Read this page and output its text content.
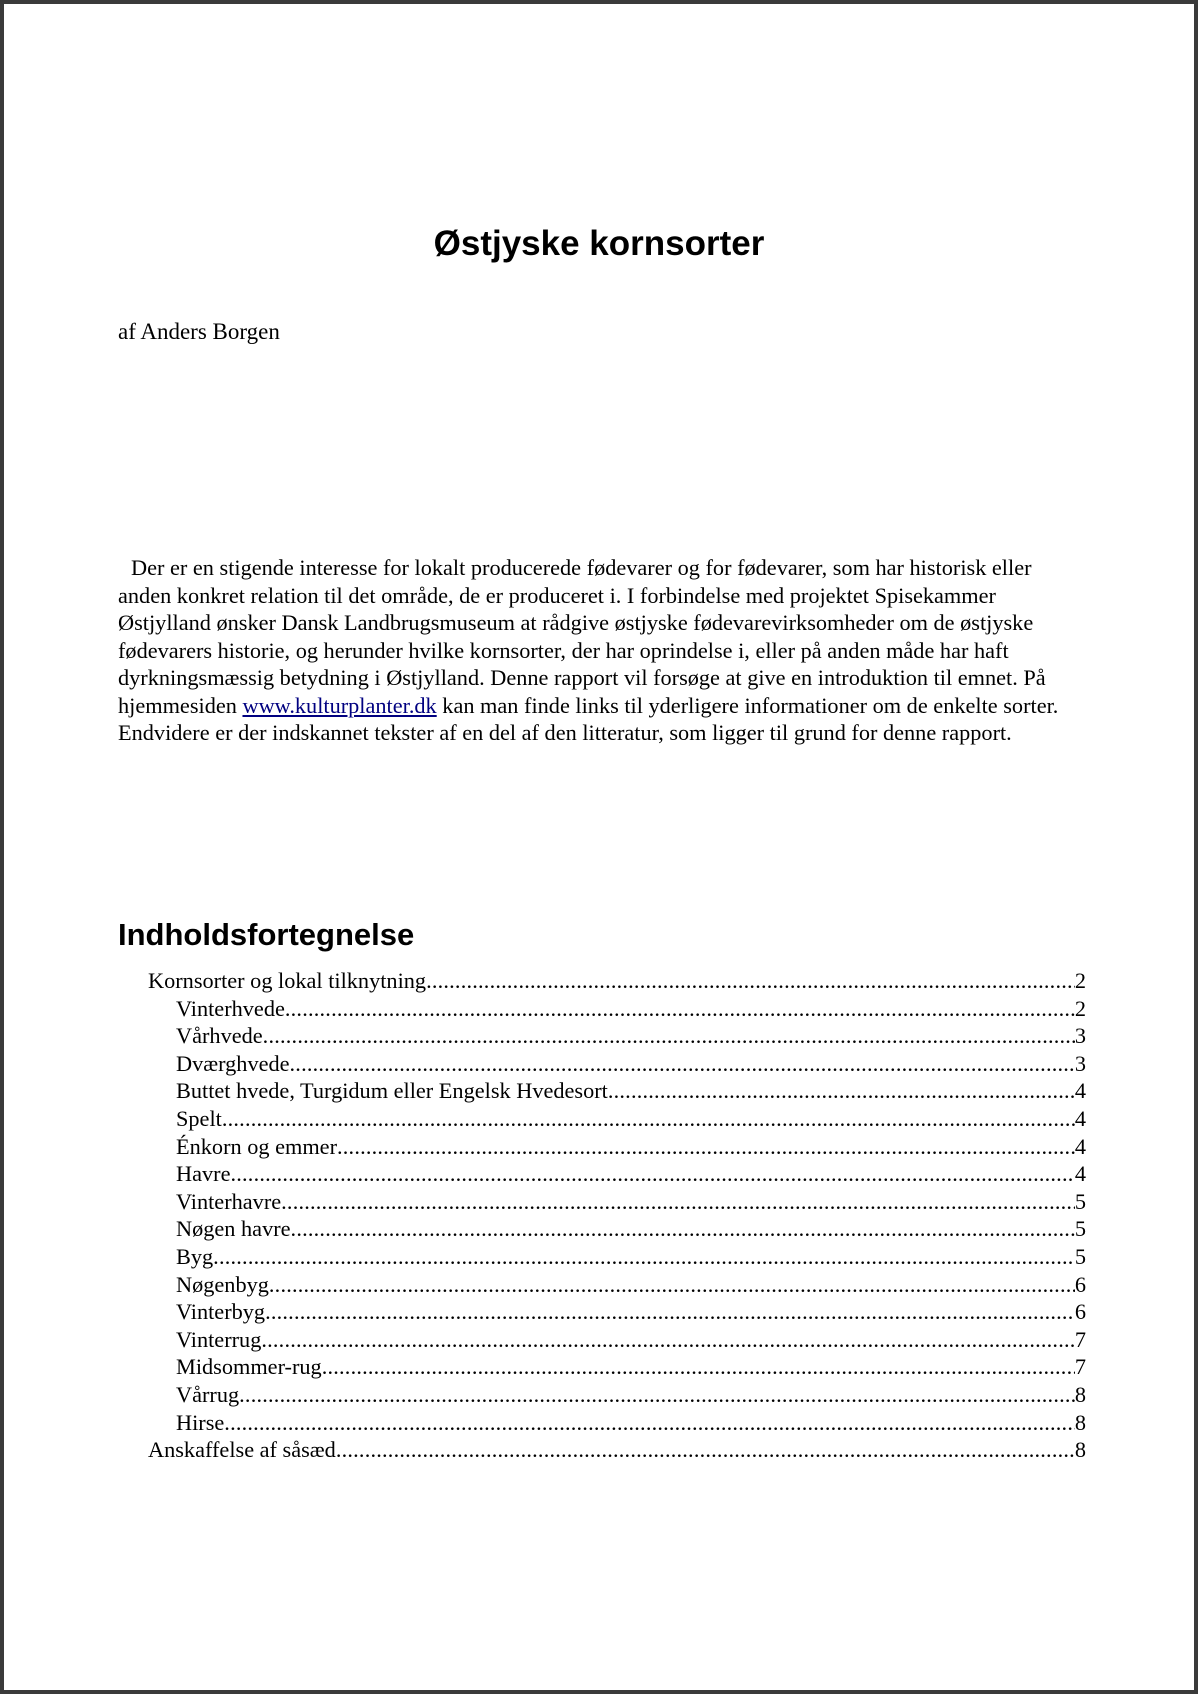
Østjyske kornsorter

af Anders Borgen

Der er en stigende interesse for lokalt producerede fødevarer og for fødevarer, som har historisk eller anden konkret relation til det område, de er produceret i. I forbindelse med projektet Spisekammer Østjylland ønsker Dansk Landbrugsmuseum at rådgive østjyske fødevarevirksomheder om de østjyske fødevarers historie, og herunder hvilke kornsorter, der har oprindelse i, eller på anden måde har haft dyrkningsmæssig betydning i Østjylland. Denne rapport vil forsøge at give en introduktion til emnet. På hjemmesiden www.kulturplanter.dk kan man finde links til yderligere informationer om de enkelte sorter. Endvidere er der indskannet tekster af en del af den litteratur, som ligger til grund for denne rapport.

Indholdsfortegnelse
Kornsorter og lokal tilknytning .....	2
Vinterhvede .....	2
Vårhvede .....	3
Dværghvede .....	3
Buttet hvede, Turgidum eller Engelsk Hvedesort .....	4
Spelt .....	4
Énkorn og emmer .....	4
Havre .....	4
Vinterhavre .....	5
Nøgen havre .....	5
Byg .....	5
Nøgenbyg .....	6
Vinterbyg .....	6
Vinterrug .....	7
Midsommer-rug .....	7
Vårrug .....	8
Hirse .....	8
Anskaffelse af såsæd .....	8
